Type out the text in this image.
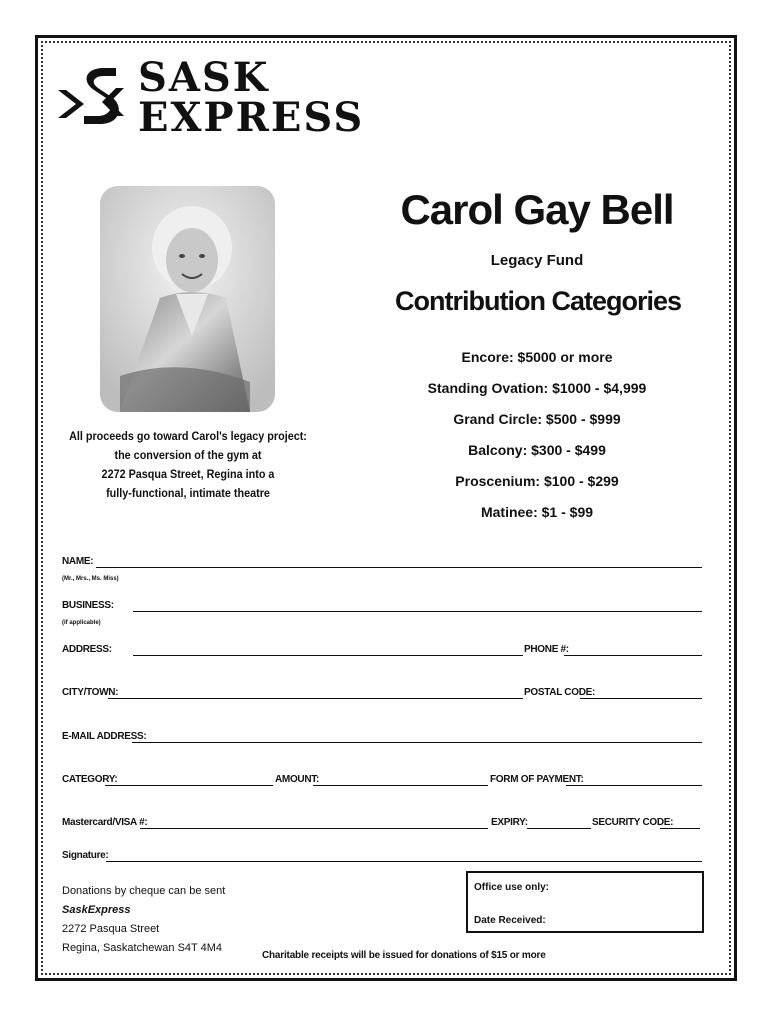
SASK
EXPRESS
All proceeds go toward Carol's legacy project:
the conversion of the gym at
2272 Pasqua Street, Regina into a
fully-functional, intimate theatre
Carol Gay Bell
Legacy Fund
Contribution Categories
Encore: $5000 or more
Standing Ovation: $1000 - $4,999
Grand Circle: $500 - $999
Balcony: $300 - $499
Proscenium: $100 - $299
Matinee: $1 - $99
NAME:
(Mr., Mrs., Ms. Miss)
BUSINESS:
(if applicable)
ADDRESS:	PHONE #:
CITY/TOWN:	POSTAL CODE:
E-MAIL ADDRESS:
CATEGORY:	AMOUNT:	FORM OF PAYMENT:
Mastercard/VISA #:	EXPIRY:	SECURITY CODE:
Signature:
Donations by cheque can be sent
SaskExpress
2272 Pasqua Street
Regina, Saskatchewan S4T 4M4
Office use only:
Date Received:
Charitable receipts will be issued for donations of $15 or more
